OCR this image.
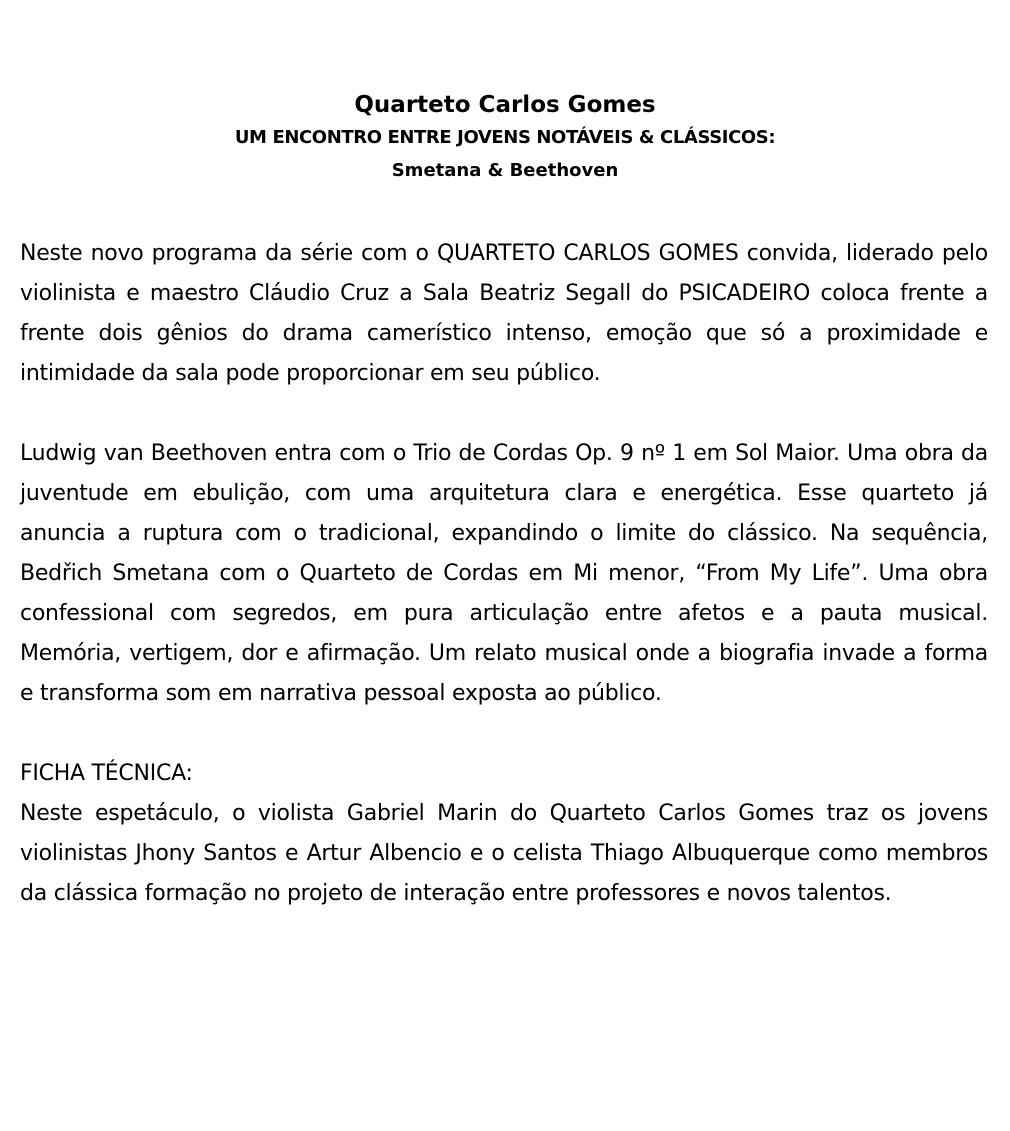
Quarteto Carlos Gomes

UM ENCONTRO ENTRE JOVENS NOTÁVEIS & CLÁSSICOS:

Smetana & Beethoven

Neste novo programa da série com o QUARTETO CARLOS GOMES convida, liderado pelo violinista e maestro Cláudio Cruz a Sala Beatriz Segall do PSICADEIRO coloca frente a frente dois gênios do drama camerístico intenso, emoção que só a proximidade e intimidade da sala pode proporcionar em seu público.

Ludwig van Beethoven entra com o Trio de Cordas Op. 9 nº 1 em Sol Maior. Uma obra da juventude em ebulição, com uma arquitetura clara e energética. Esse quarteto já anuncia a ruptura com o tradicional, expandindo o limite do clássico. Na sequência, Bedřich Smetana com o Quarteto de Cordas em Mi menor, “From My Life”. Uma obra confessional com segredos, em pura articulação entre afetos e a pauta musical. Memória, vertigem, dor e afirmação. Um relato musical onde a biografia invade a forma e transforma som em narrativa pessoal exposta ao público.

FICHA TÉCNICA:

Neste espetáculo, o violista Gabriel Marin do Quarteto Carlos Gomes traz os jovens violinistas Jhony Santos e Artur Albencio e o celista Thiago Albuquerque como membros da clássica formação no projeto de interação entre professores e novos talentos.
